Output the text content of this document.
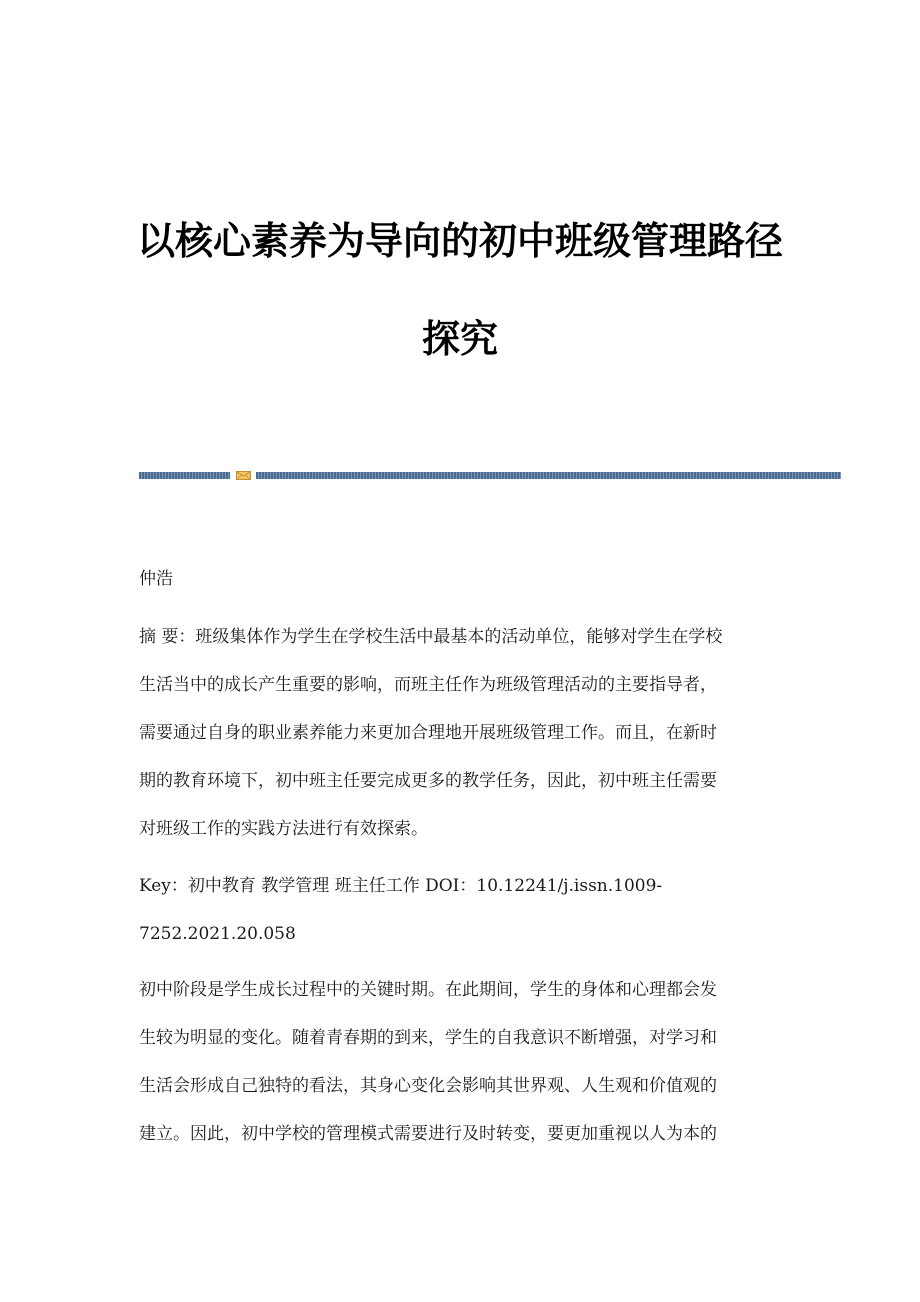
以核心素养为导向的初中班级管理路径
探究
仲浩
摘 要：班级集体作为学生在学校生活中最基本的活动单位，能够对学生在学校
生活当中的成长产生重要的影响，而班主任作为班级管理活动的主要指导者，
需要通过自身的职业素养能力来更加合理地开展班级管理工作。而且，在新时
期的教育环境下，初中班主任要完成更多的教学任务，因此，初中班主任需要
对班级工作的实践方法进行有效探索。
Key：初中教育 教学管理 班主任工作 DOI：10.12241/j.issn.1009-
7252.2021.20.058
初中阶段是学生成长过程中的关键时期。在此期间，学生的身体和心理都会发
生较为明显的变化。随着青春期的到来，学生的自我意识不断增强，对学习和
生活会形成自己独特的看法，其身心变化会影响其世界观、人生观和价值观的
建立。因此，初中学校的管理模式需要进行及时转变，要更加重视以人为本的
